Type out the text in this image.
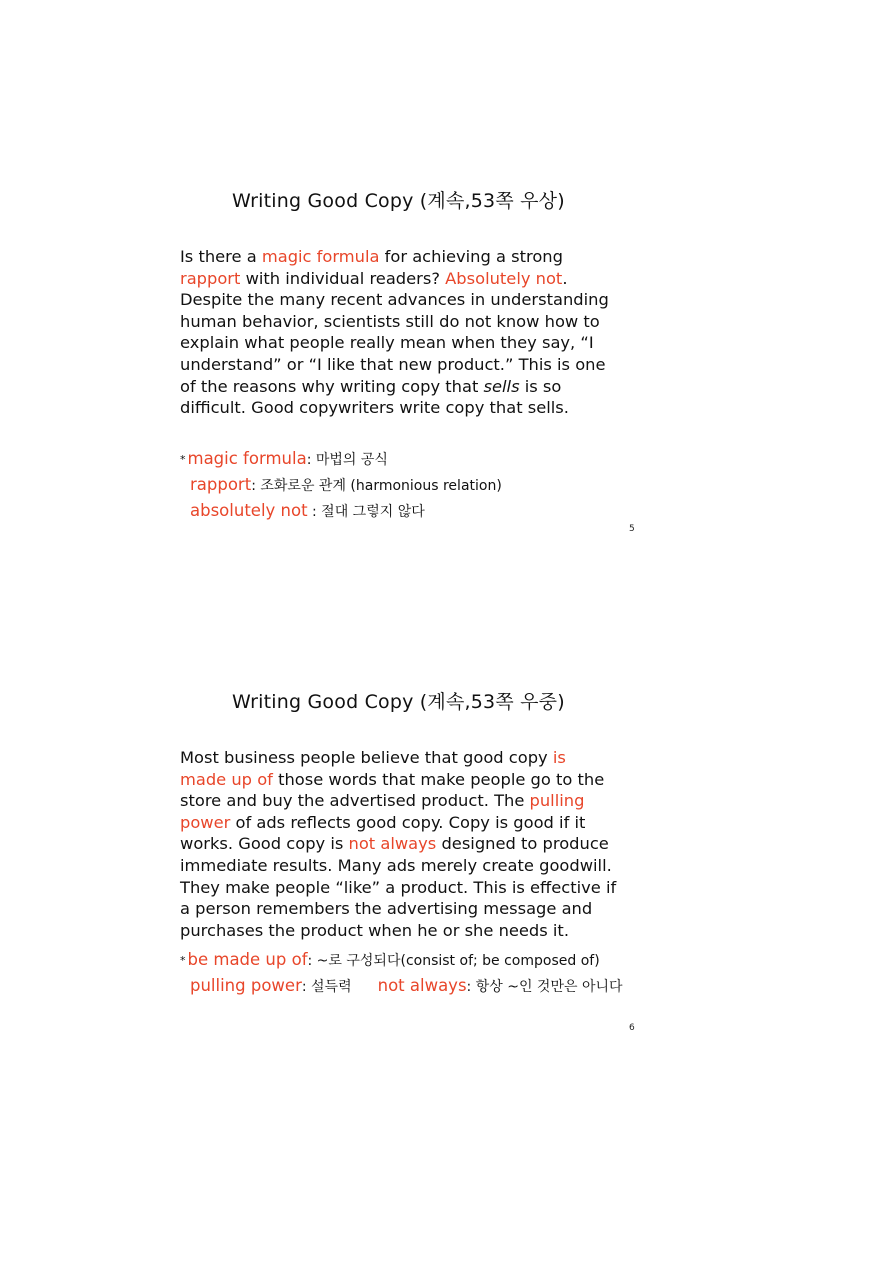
Writing Good Copy (계속,53쪽 우상)
Is there a magic formula for achieving a strong
rapport with individual readers? Absolutely not.
Despite the many recent advances in understanding
human behavior, scientists still do not know how to
explain what people really mean when they say, “I
understand” or “I like that new product.” This is one
of the reasons why writing copy that sells is so
difficult. Good copywriters write copy that sells.
* magic formula: 마법의 공식
rapport: 조화로운 관계 (harmonious relation)
absolutely not : 절대 그렇지 않다
5
Writing Good Copy (계속,53쪽 우중)
Most business people believe that good copy is
made up of those words that make people go to the
store and buy the advertised product. The pulling
power of ads reflects good copy. Copy is good if it
works. Good copy is not always designed to produce
immediate results. Many ads merely create goodwill.
They make people “like” a product. This is effective if
a person remembers the advertising message and
purchases the product when he or she needs it.
* be made up of: ~로 구성되다(consist of; be composed of)
pulling power: 설득력 not always: 항상 ~인 것만은 아니다
6
